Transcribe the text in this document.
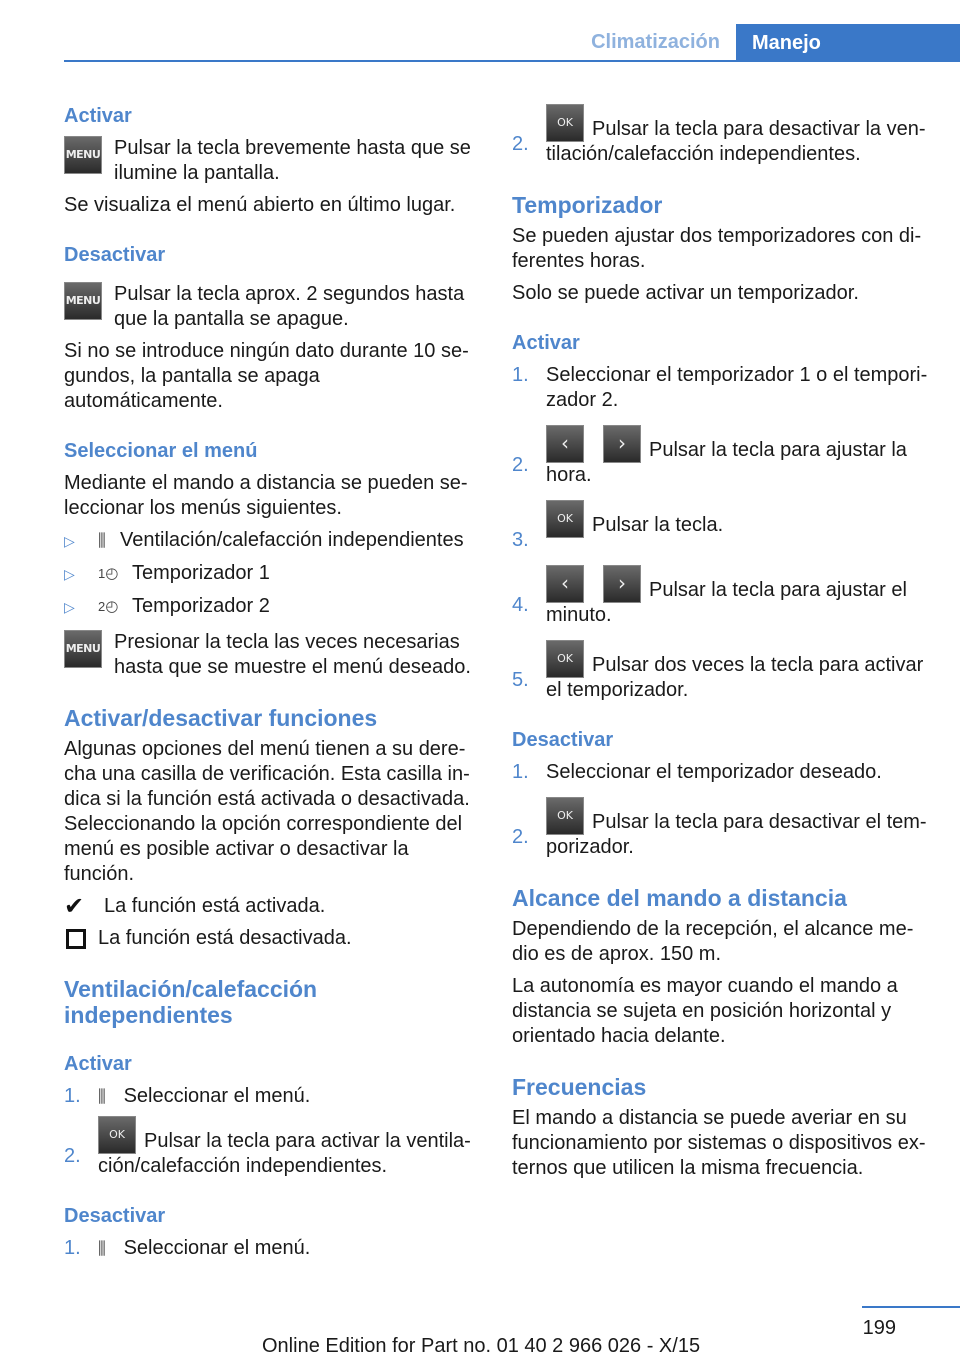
Climatización	Manejo
Activar
MENU Pulsar la tecla brevemente hasta que se ilumine la pantalla.

Se visualiza el menú abierto en último lugar.

Desactivar
MENU Pulsar la tecla aprox. 2 segundos hasta que la pantalla se apague.

Si no se introduce ningún dato durante 10 se‐gundos, la pantalla se apaga automáticamente.

Seleccionar el menú

Mediante el mando a distancia se pueden se‐leccionar los menús siguientes.

▷	⫼ Ventilación/calefacción independientes
▷	1◴ Temporizador 1
▷	2◴ Temporizador 2
MENU Presionar la tecla las veces necesarias hasta que se muestre el menú deseado.
Activar/desactivar funciones

Algunas opciones del menú tienen a su dere‐cha una casilla de verificación. Esta casilla in‐dica si la función está activada o desactivada. Seleccionando la opción correspondiente del menú es posible activar o desactivar la función.

✔ La función está activada.
La función está desactivada.
Ventilación/calefacción
independientes
Activar
1.	⫼ Seleccionar el menú.
2.
OK Pulsar la tecla para activar la ventila‐
ción/calefacción independientes.
Desactivar
1.	⫼ Seleccionar el menú.
2.
OK Pulsar la tecla para desactivar la ven‐
tilación/calefacción independientes.
Temporizador

Se pueden ajustar dos temporizadores con di‐ferentes horas.

Solo se puede activar un temporizador.

Activar
1. Seleccionar el temporizador 1 o el tempori‐zador 2.
2.
‹	›	Pulsar la tecla para ajustar la
hora.
3.
OK Pulsar la tecla.
4.
‹	›	Pulsar la tecla para ajustar el
minuto.
5.
OK Pulsar dos veces la tecla para activar
el temporizador.
Desactivar
1. Seleccionar el temporizador deseado.
2.
OK Pulsar la tecla para desactivar el tem‐
porizador.
Alcance del mando a distancia

Dependiendo de la recepción, el alcance me‐dio es de aprox. 150 m.

La autonomía es mayor cuando el mando a distancia se sujeta en posición horizontal y orientado hacia delante.

Frecuencias

El mando a distancia se puede averiar en su funcionamiento por sistemas o dispositivos ex‐ternos que utilicen la misma frecuencia.

199
Online Edition for Part no. 01 40 2 966 026 - X/15
